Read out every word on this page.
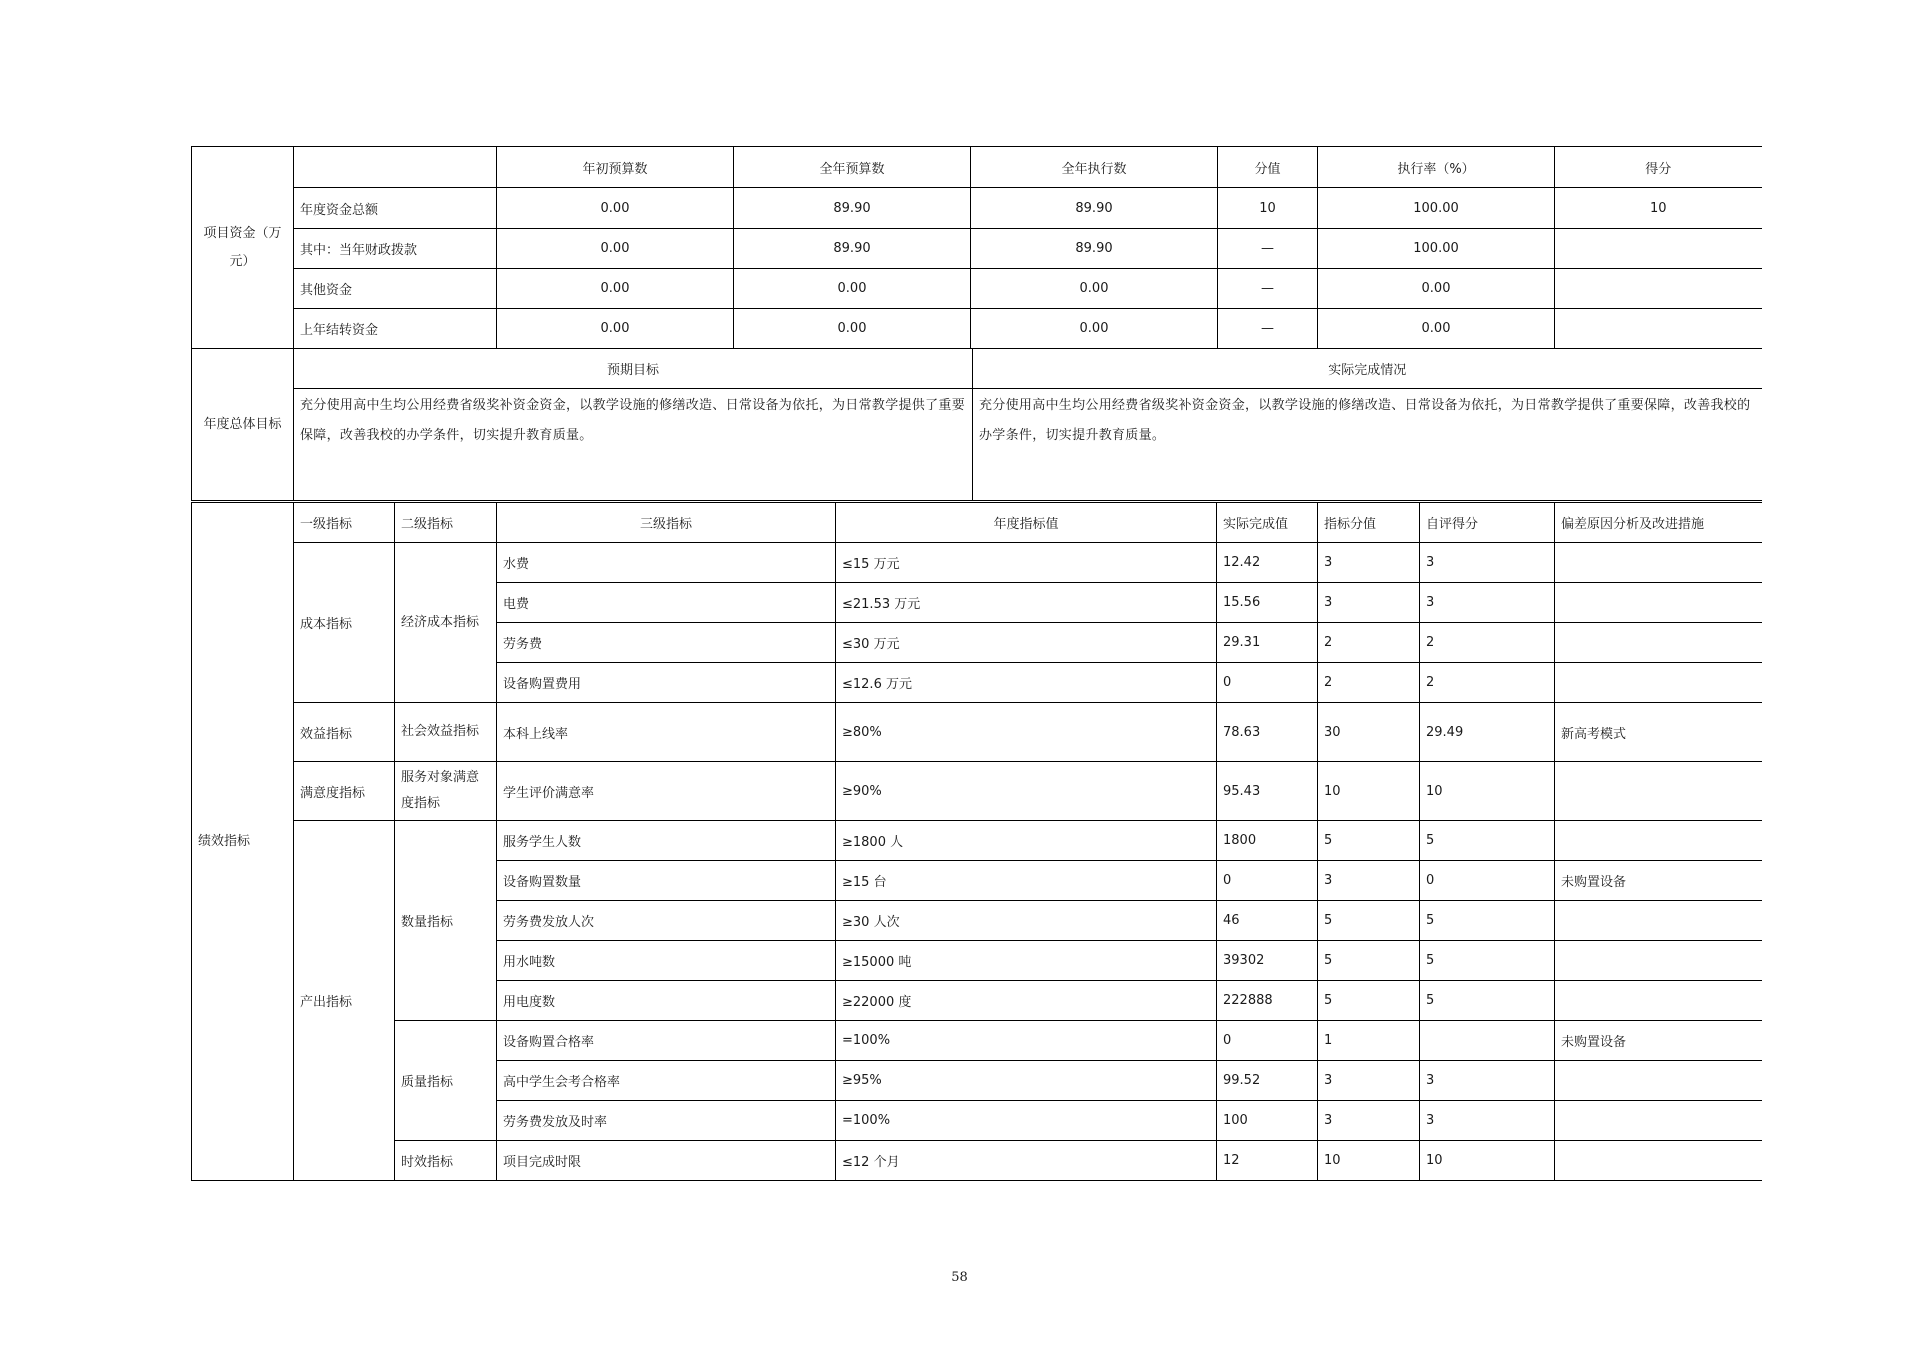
项目资金（万元）		年初预算数	全年预算数	全年执行数	分值	执行率（%）	得分
	年度资金总额	0.00	89.90	89.90	10	100.00	10
	其中：当年财政拨款	0.00	89.90	89.90	—	100.00	
	其他资金	0.00	0.00	0.00	—	0.00	
	上年结转资金	0.00	0.00	0.00	—	0.00	
年度总体目标	预期目标	实际完成情况
	充分使用高中生均公用经费省级奖补资金资金，以教学设施的修缮改造、日常设备为依托，为日常教学提供了重要保障，改善我校的办学条件，切实提升教育质量。	充分使用高中生均公用经费省级奖补资金资金，以教学设施的修缮改造、日常设备为依托，为日常教学提供了重要保障，改善我校的办学条件，切实提升教育质量。
绩效指标	一级指标	二级指标	三级指标	年度指标值	实际完成值	指标分值	自评得分	偏差原因分析及改进措施
	成本指标	经济成本指标	水费	≤15 万元	12.42	3	3	
			电费	≤21.53 万元	15.56	3	3	
			劳务费	≤30 万元	29.31	2	2	
			设备购置费用	≤12.6 万元	0	2	2	
	效益指标	社会效益指标	本科上线率	≥80%	78.63	30	29.49	新高考模式
	满意度指标	服务对象满意度指标	学生评价满意率	≥90%	95.43	10	10	
	产出指标	数量指标	服务学生人数	≥1800 人	1800	5	5	
			设备购置数量	≥15 台	0	3	0	未购置设备
			劳务费发放人次	≥30 人次	46	5	5	
			用水吨数	≥15000 吨	39302	5	5	
			用电度数	≥22000 度	222888	5	5	
		质量指标	设备购置合格率	=100%	0	1		未购置设备
			高中学生会考合格率	≥95%	99.52	3	3	
			劳务费发放及时率	=100%	100	3	3	
		时效指标	项目完成时限	≤12 个月	12	10	10	
58
